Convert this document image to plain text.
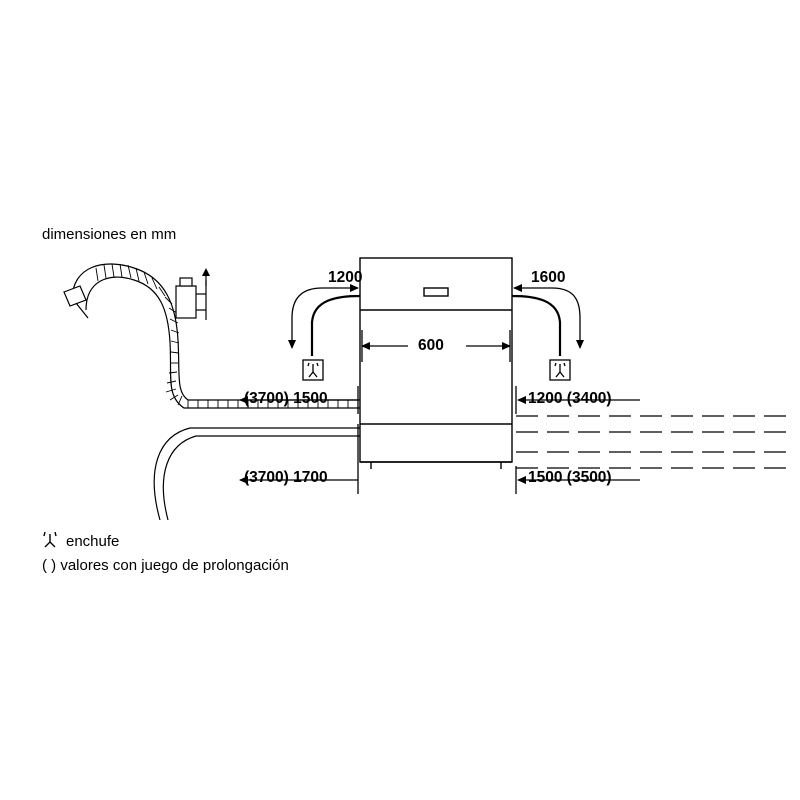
dimensiones en mm
1200	1600
600
(3700) 1500	1200 (3400)
(3700) 1700	1500 (3500)
enchufe
( ) valores con juego de prolongación
